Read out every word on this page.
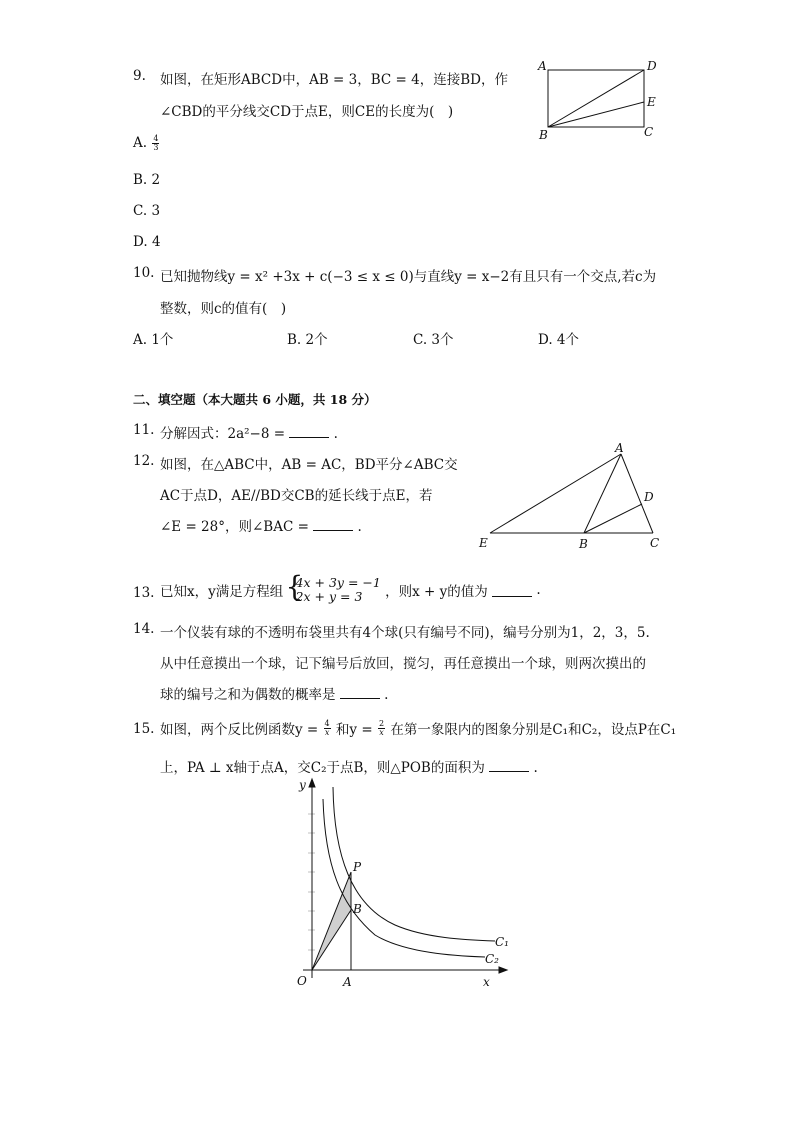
9. 如图，在矩形ABCD中，AB = 3，BC = 4，连接BD，作
∠CBD的平分线交CD于点E，则CE的长度为(　)
A. $\frac{4}{3}$
B. 2
C. 3
D. 4
A	D
E
B	C
10. 已知抛物线y = x² +3x + c(−3 ≤ x ≤ 0)与直线y = x−2有且只有一个交点,若c为
整数，则c的值有(　)
A. 1个	B. 2个	C. 3个	D. 4个
二、填空题（本大题共 6 小题，共 18 分）
11. 分解因式：2a²−8 =	.
12. 如图，在△ABC中，AB = AC，BD平分∠ABC交
AC于点D，AE//BD交CB的延长线于点E，若
∠E = 28°，则∠BAC =	.
A
D
E	B	C
13. 已知x，y满足方程组
{ 4x + 3y = −1
2x + y = 3	，则x + y的值为	.
14. 一个仪装有球的不透明布袋里共有4个球(只有编号不同)，编号分别为1，2，3，5.
从中任意摸出一个球，记下编号后放回，搅匀，再任意摸出一个球，则两次摸出的
球的编号之和为偶数的概率是	.
15. 如图，两个反比例函数$y = \frac{4}{x}$ 和$y = \frac{2}{x}$ 在第一象限内的图象分别是C₁和C₂，设点P在C₁
上，PA ⊥ x轴于点A，交C₂于点B，则△POB的面积为	.
y
x
O	A
P
B
C₁
C₂
